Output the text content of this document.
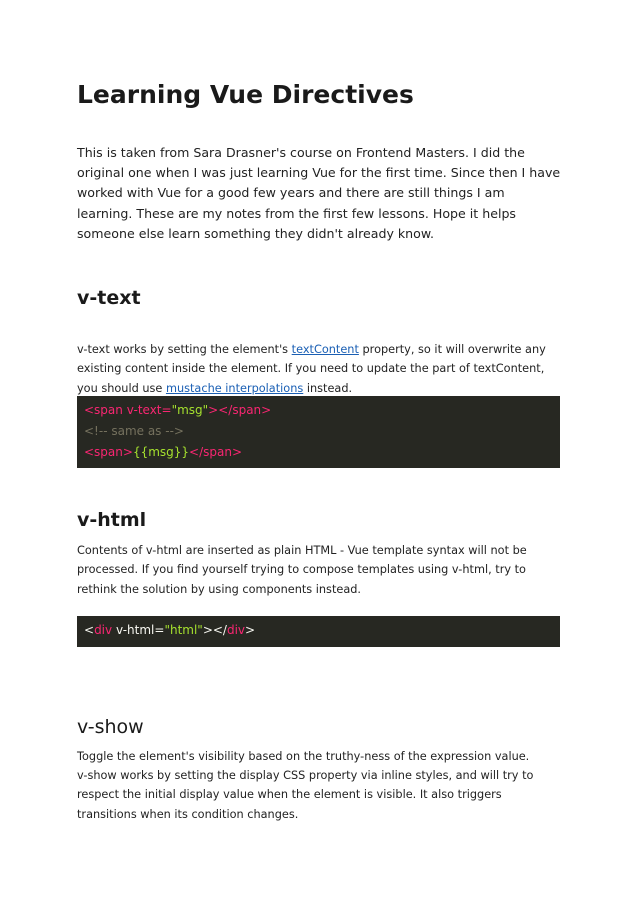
Learning Vue Directives

This is taken from Sara Drasner's course on Frontend Masters. I did the original one when I was just learning Vue for the first time. Since then I have worked with Vue for a good few years and there are still things I am learning. These are my notes from the first few lessons. Hope it helps someone else learn something they didn't already know.

v-text

v-text works by setting the element's textContent property, so it will overwrite any existing content inside the element. If you need to update the part of textContent, you should use mustache interpolations instead.

<span v-text="msg"></span>
<!-- same as -->
<span>{{msg}}</span>
v-html

Contents of v-html are inserted as plain HTML - Vue template syntax will not be processed. If you find yourself trying to compose templates using v-html, try to rethink the solution by using components instead.

<div v-html="html"></div>
v-show

Toggle the element's visibility based on the truthy-ness of the expression value.

v-show works by setting the display CSS property via inline styles, and will try to respect the initial display value when the element is visible. It also triggers transitions when its condition changes.
